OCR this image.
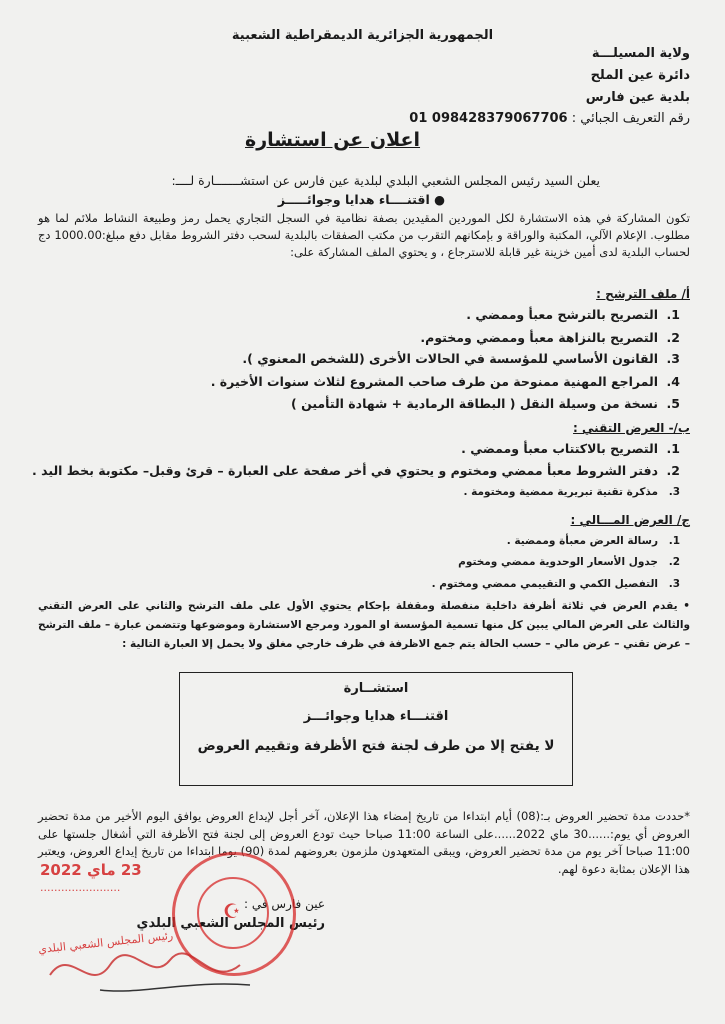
الجمهورية الجزائرية الديمقراطية الشعبية
ولاية المسيلـــة
دائرة عين الملح
بلدية عين فارس
رقم التعريف الجبائي : 01 098428379067706
اعلان عن استشارة
يعلن السيد رئيس المجلس الشعبي البلدي لبلدية عين فارس عن استشـــــــارة لــــ:
● اقتنــــاء هدايا وجوائـــــز
تكون المشاركة في هذه الاستشارة لكل الموردين المقيدين بصفة نظامية في السجل التجاري يحمل رمز وطبيعة النشاط ملائم لما هو مطلوب. الإعلام الآلي، المكتبة والوراقة و بإمكانهم التقرب من مكتب الصفقات بالبلدية لسحب دفتر الشروط مقابل دفع مبلغ:1000.00 دج لحساب البلدية لدى أمين خزينة غير قابلة للاسترجاع ، و يحتوي الملف المشاركة على:
أ/ ملف الترشح :
1.التصريح بالترشح معبأ وممضي .
2.التصريح بالنزاهة معبأ وممضي ومختوم.
3.القانون الأساسي للمؤسسة في الحالات الأخرى (للشخص المعنوي ).
4.المراجع المهنية ممنوحة من طرف صاحب المشروع لثلاث سنوات الأخيرة .
5.نسخة من وسيلة النقل ( البطاقة الرمادية + شهادة التأمين )
ب/- العرض التقني :
1.التصريح بالاكتتاب معبأ وممضي .
2.دفتر الشروط معبأ ممضي ومختوم و يحتوي في أخر صفحة على العبارة – قرئ وقبل– مكتوبة بخط اليد .
3.مذكرة تقنية تبريرية ممضية ومختومة .
ج/ العرض المـــالي :
1.رسالة العرض معبأة وممضية .
2.جدول الأسعار الوحدوية ممضي ومختوم
3.التفصيل الكمي و التقييمي ممضي ومختوم .
• يقدم العرض في ثلاثة أظرفة داخلية منفصلة ومقفلة بإحكام يحتوي الأول على ملف الترشح والثاني على العرض التقني والثالث على العرض المالي يبين كل منها تسمية المؤسسة او المورد ومرجع الاستشارة وموضوعها وتتضمن عبارة – ملف الترشح – عرض تقني – عرض مالي – حسب الحالة يتم جمع الاظرفة في ظرف خارجي مغلق ولا يحمل إلا العبارة التالية :
استشــارة
اقتنـــاء هدايا وجوائـــز
لا يفتح إلا من طرف لجنة فتح الأظرفة وتقييم العروض
*حددت مدة تحضير العروض بـ:(08) أيام ابتداءا من تاريخ إمضاء هذا الإعلان، آخر أجل لإيداع العروض يوافق اليوم الأخير من مدة تحضير العروض أي يوم:......30 ماي 2022......على الساعة 11:00 صباحا حيث تودع العروض إلى لجنة فتح الأظرفة التي أشغال جلستها على 11:00 صباحا آخر يوم من مدة تحضير العروض، ويبقى المتعهدون ملزمون بعروضهم لمدة (90) يوما ابتداءا من تاريخ إيداع العروض، ويعتبر هذا الإعلان بمثابة دعوة لهم.
23 ماي 2022
.......................
عين فارس في :
رئيس المجلس الشعبي البلدي
☪
رئيس المجلس الشعبي البلدي
